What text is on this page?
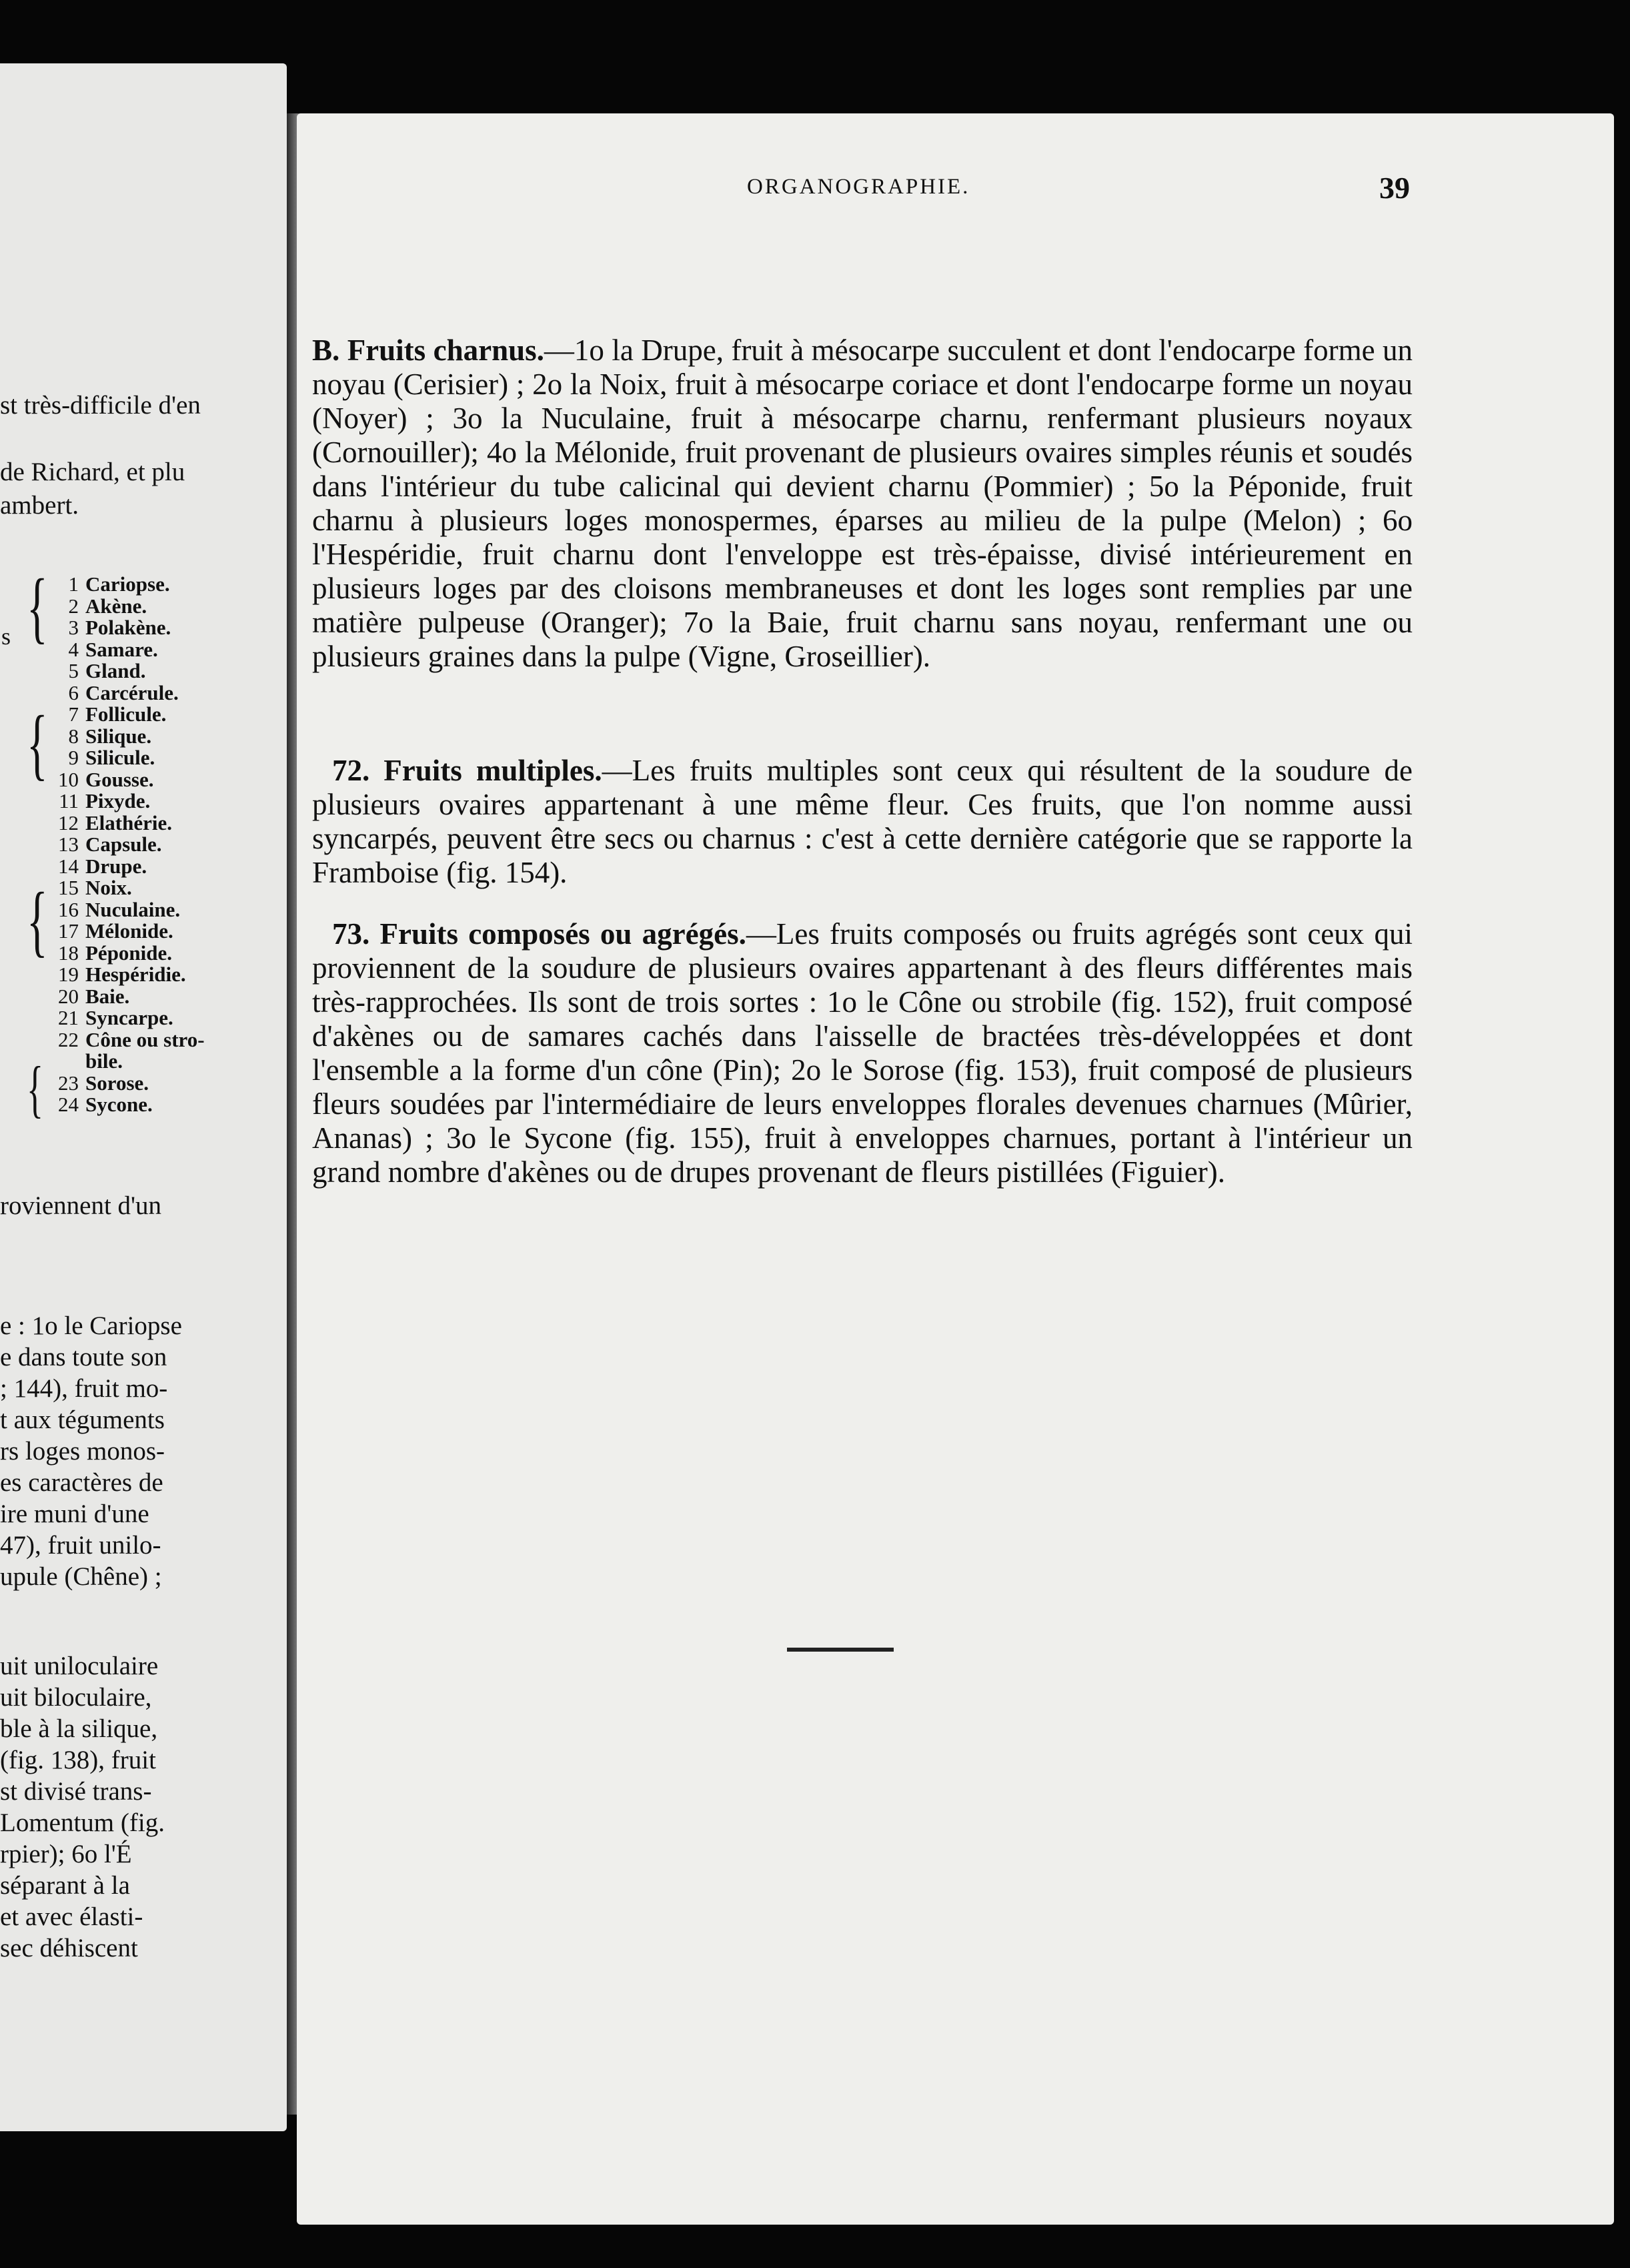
st très-difficile d'en
de Richard, et plu
ambert.
s {
{
{
{
1 Cariopse.
2 Akène.
3 Polakène.
4 Samare.
5 Gland.
6 Carcérule.
7 Follicule.
8 Silique.
9 Silicule.
10 Gousse.
11 Pixyde.
12 Elathérie.
13 Capsule.
14 Drupe.
15 Noix.
16 Nuculaine.
17 Mélonide.
18 Péponide.
19 Hespéridie.
20 Baie.
21 Syncarpe.
22 Cône ou stro-
bile.
23 Sorose.
24 Sycone.
roviennent d'un
e : 1o le Cariopse
e dans toute son
; 144), fruit mo-
t aux téguments
rs loges monos-
es caractères de
ire muni d'une
47), fruit unilo-
upule (Chêne) ;
uit uniloculaire
uit biloculaire,
ble à la silique,
(fig. 138), fruit
st divisé trans-
Lomentum (fig.
rpier); 6o l'É
séparant à la
et avec élasti-
sec déhiscent
ORGANOGRAPHIE.	39
B. Fruits charnus.—1o la Drupe, fruit à mésocarpe succulent et dont l'endocarpe forme un noyau (Cerisier) ; 2o la Noix, fruit à mésocarpe coriace et dont l'endocarpe forme un noyau (Noyer) ; 3o la Nuculaine, fruit à mésocarpe charnu, renfermant plusieurs noyaux (Cornouiller); 4o la Mélonide, fruit provenant de plusieurs ovaires simples réunis et soudés dans l'intérieur du tube calicinal qui devient charnu (Pommier) ; 5o la Péponide, fruit charnu à plusieurs loges monospermes, éparses au milieu de la pulpe (Melon) ; 6o l'Hespéridie, fruit charnu dont l'enveloppe est très-épaisse, divisé intérieurement en plusieurs loges par des cloisons membraneuses et dont les loges sont remplies par une matière pulpeuse (Oranger); 7o la Baie, fruit charnu sans noyau, renfermant une ou plusieurs graines dans la pulpe (Vigne, Groseillier).
72. Fruits multiples.—Les fruits multiples sont ceux qui résultent de la soudure de plusieurs ovaires appartenant à une même fleur. Ces fruits, que l'on nomme aussi syncarpés, peuvent être secs ou charnus : c'est à cette dernière catégorie que se rapporte la Framboise (fig. 154).
73. Fruits composés ou agrégés.—Les fruits composés ou fruits agrégés sont ceux qui proviennent de la soudure de plusieurs ovaires appartenant à des fleurs différentes mais très-rapprochées. Ils sont de trois sortes : 1o le Cône ou strobile (fig. 152), fruit composé d'akènes ou de samares cachés dans l'aisselle de bractées très-développées et dont l'ensemble a la forme d'un cône (Pin); 2o le Sorose (fig. 153), fruit composé de plusieurs fleurs soudées par l'intermédiaire de leurs enveloppes florales devenues charnues (Mûrier, Ananas) ; 3o le Sycone (fig. 155), fruit à enveloppes charnues, portant à l'intérieur un grand nombre d'akènes ou de drupes provenant de fleurs pistillées (Figuier).
